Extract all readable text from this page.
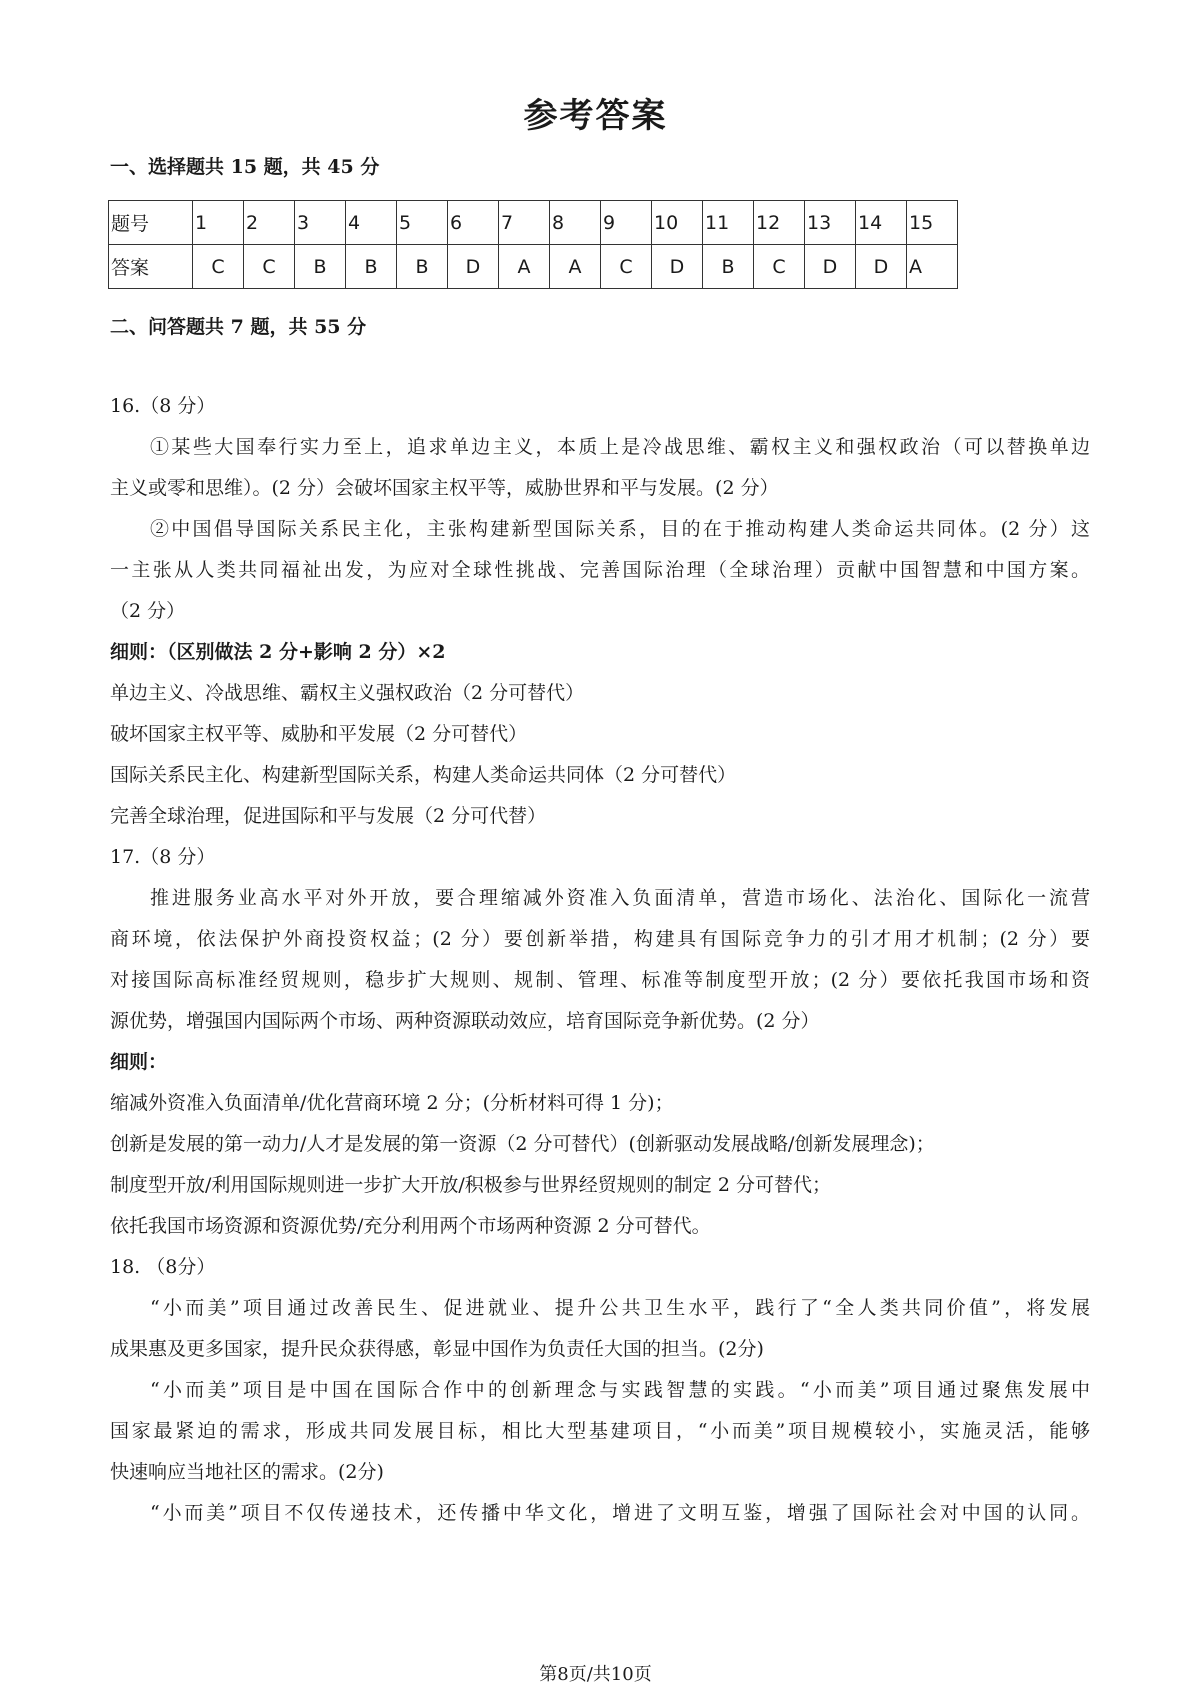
参考答案
一、选择题共 15 题，共 45 分
题号	1	2	3	4	5	6	7	8	9	10	11	12	13	14	15
答案	C	C	B	B	B	D	A	A	C	D	B	C	D	D	A
二、问答题共 7 题，共 55 分
16.（8 分）
①某些大国奉行实力至上，追求单边主义，本质上是冷战思维、霸权主义和强权政治（可以替换单边
主义或零和思维）。(2 分）会破坏国家主权平等，威胁世界和平与发展。(2 分）
②中国倡导国际关系民主化，主张构建新型国际关系，目的在于推动构建人类命运共同体。(2 分）这
一主张从人类共同福祉出发，为应对全球性挑战、完善国际治理（全球治理）贡献中国智慧和中国方案。
（2 分）
细则：（区别做法 2 分+影响 2 分）×2
单边主义、冷战思维、霸权主义强权政治（2 分可替代）
破坏国家主权平等、威胁和平发展（2 分可替代）
国际关系民主化、构建新型国际关系，构建人类命运共同体（2 分可替代）
完善全球治理，促进国际和平与发展（2 分可代替）
17.（8 分）
推进服务业高水平对外开放，要合理缩减外资准入负面清单，营造市场化、法治化、国际化一流营
商环境，依法保护外商投资权益；(2 分）要创新举措，构建具有国际竞争力的引才用才机制；(2 分）要
对接国际高标准经贸规则，稳步扩大规则、规制、管理、标准等制度型开放；(2 分）要依托我国市场和资
源优势，增强国内国际两个市场、两种资源联动效应，培育国际竞争新优势。(2 分）
细则：
缩减外资准入负面清单/优化营商环境 2 分；(分析材料可得 1 分)；
创新是发展的第一动力/人才是发展的第一资源（2 分可替代）(创新驱动发展战略/创新发展理念)；
制度型开放/利用国际规则进一步扩大开放/积极参与世界经贸规则的制定 2 分可替代；
依托我国市场资源和资源优势/充分利用两个市场两种资源 2 分可替代。
18. （8分）
“小而美”项目通过改善民生、促进就业、提升公共卫生水平，践行了“全人类共同价值”，将发展
成果惠及更多国家，提升民众获得感，彰显中国作为负责任大国的担当。(2分)
“小而美”项目是中国在国际合作中的创新理念与实践智慧的实践。“小而美”项目通过聚焦发展中
国家最紧迫的需求，形成共同发展目标，相比大型基建项目，“小而美”项目规模较小，实施灵活，能够
快速响应当地社区的需求。(2分)
“小而美”项目不仅传递技术，还传播中华文化，增进了文明互鉴，增强了国际社会对中国的认同。
第8页/共10页
